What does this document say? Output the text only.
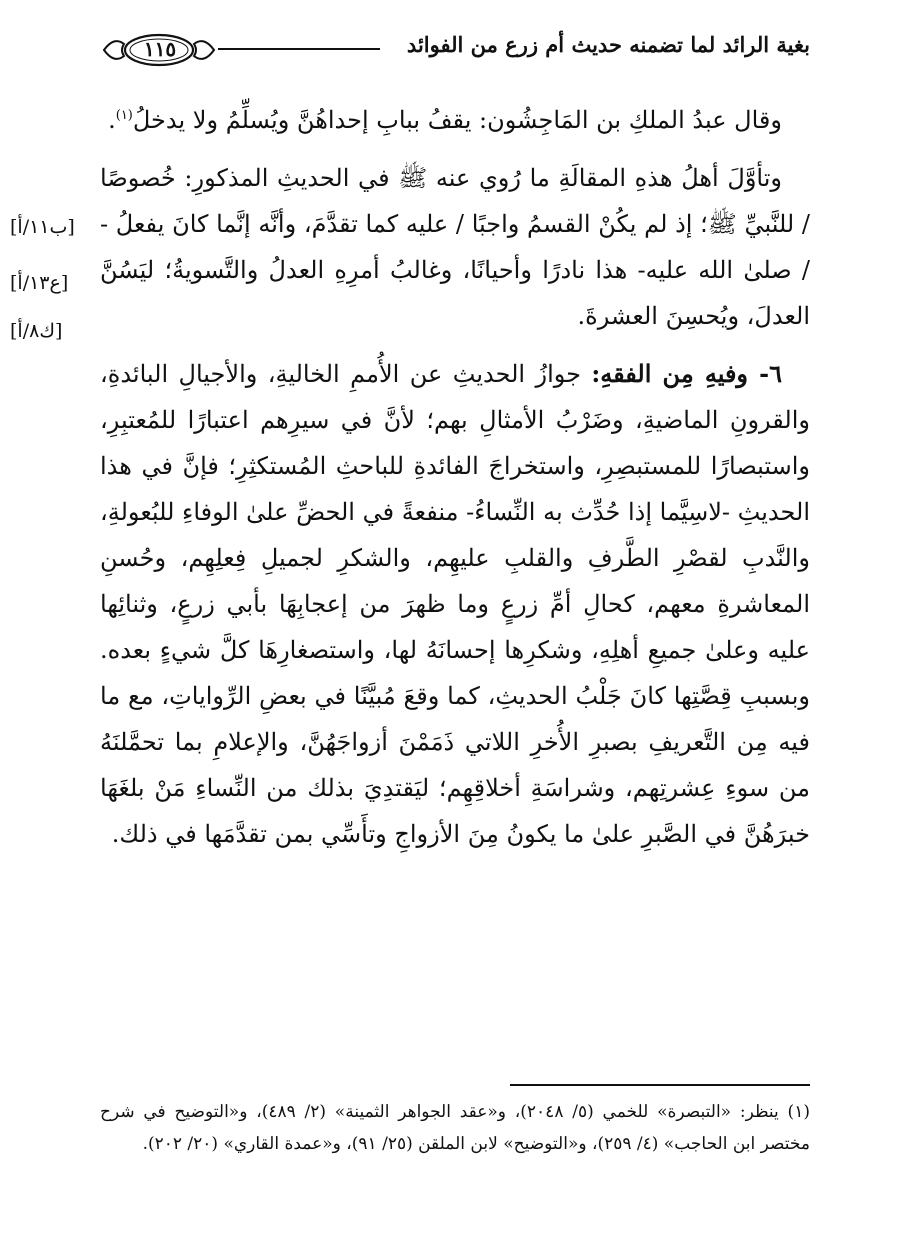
بغية الرائد لما تضمنه حديث أم زرع من الفوائد
١١٥
[ب١١/أ]
[ع١٣/أ]
[ك٨/أ]

وقال عبدُ الملكِ بن المَاجِشُون: يقفُ ببابِ إحداهُنَّ ويُسلِّمُ ولا يدخلُ$^{(١)}$.

وتأوَّلَ أهلُ هذهِ المقالَةِ ما رُوي عنه ﷺ في الحديثِ المذكورِ: خُصوصًا / للنَّبيِّ ﷺ؛ إذ لم يكُنْ القسمُ واجبًا / عليه كما تقدَّمَ، وأنَّه إنَّما كانَ يفعلُ - / صلىٰ الله عليه- هذا نادرًا وأحيانًا، وغالبُ أمرِهِ العدلُ والتَّسويةُ؛ ليَسُنَّ العدلَ، ويُحسِنَ العشرةَ.

٦- وفيهِ مِن الفقهِ: جوازُ الحديثِ عن الأُممِ الخاليةِ، والأجيالِ البائدةِ، والقرونِ الماضيةِ، وضَرْبُ الأمثالِ بهم؛ لأنَّ في سيرِهم اعتبارًا للمُعتبِرِ، واستبصارًا للمستبصِرِ، واستخراجَ الفائدةِ للباحثِ المُستكثِرِ؛ فإنَّ في هذا الحديثِ -لاسِيَّما إذا حُدِّث به النِّساءُ- منفعةً في الحضِّ علىٰ الوفاءِ للبُعولةِ، والنَّدبِ لقصْرِ الطَّرفِ والقلبِ عليهِم، والشكرِ لجميلِ فِعلِهِم، وحُسنِ المعاشرةِ معهم، كحالِ أمِّ زرعٍ وما ظهرَ من إعجابِهَا بأبي زرعٍ، وثنائِها عليه وعلىٰ جميعِ أهلِهِ، وشكرِها إحسانَهُ لها، واستصغارِهَا كلَّ شيءٍ بعده. وبسببِ قِصَّتِها كانَ جَلْبُ الحديثِ، كما وقعَ مُبيَّنًا في بعضِ الرِّواياتِ، مع ما فيه مِن التَّعريفِ بصبرِ الأُخرِ اللاتي ذَمَمْنَ أزواجَهُنَّ، والإعلامِ بما تحمَّلنَهُ من سوءِ عِشرتِهم، وشراسَةِ أخلاقِهِم؛ ليَقتدِيَ بذلك من النِّساءِ مَنْ بلغَهَا خبرَهُنَّ في الصَّبرِ علىٰ ما يكونُ مِنَ الأزواجِ وتأَسِّي بمن تقدَّمَها في ذلك.

(١) ينظر: «التبصرة» للخمي (٥/ ٢٠٤٨)، و«عقد الجواهر الثمينة» (٢/ ٤٨٩)، و«التوضيح في شرح مختصر ابن الحاجب» (٤/ ٢٥٩)، و«التوضيح» لابن الملقن (٢٥/ ٩١)، و«عمدة القاري» (٢٠/ ٢٠٢).
